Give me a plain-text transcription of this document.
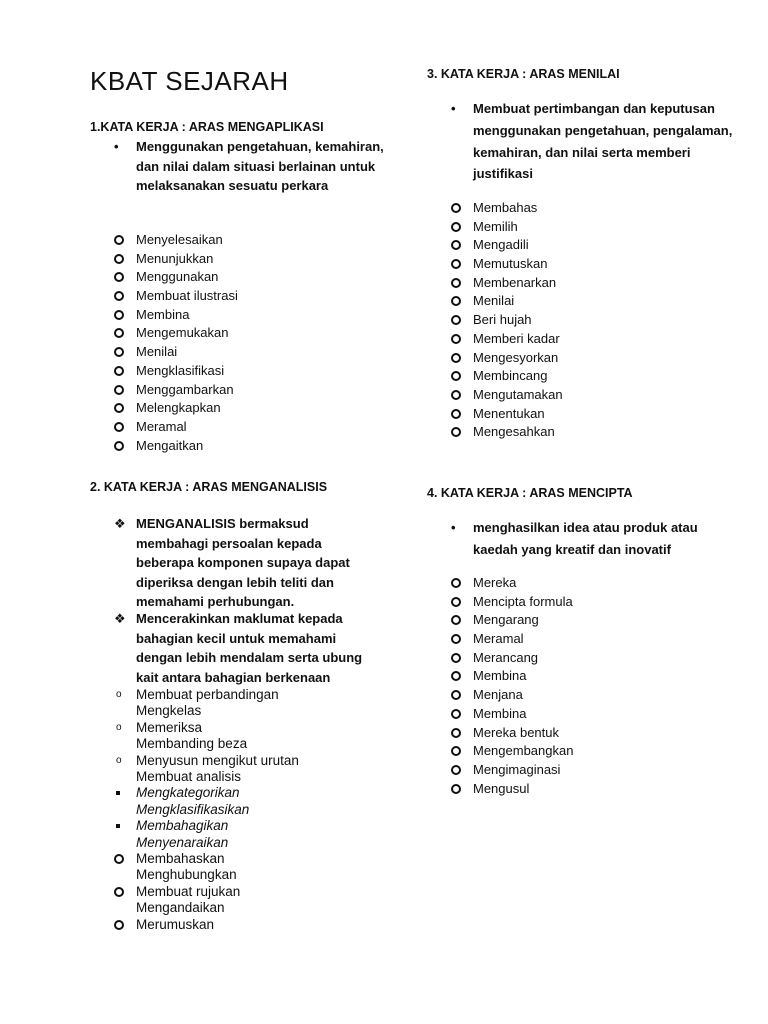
KBAT SEJARAH
1.KATA KERJA : ARAS MENGAPLIKASI
• Menggunakan pengetahuan, kemahiran, dan nilai dalam situasi berlainan untuk melaksanakan sesuatu perkara
Menyelesaikan
Menunjukkan
Menggunakan
Membuat ilustrasi
Membina
Mengemukakan
Menilai
Mengklasifikasi
Menggambarkan
Melengkapkan
Meramal
Mengaitkan
2. KATA KERJA : ARAS MENGANALISIS
❖ MENGANALISIS bermaksud membahagi persoalan kepada beberapa komponen supaya dapat diperiksa dengan lebih teliti dan memahami perhubungan.
❖ Mencerakinkan maklumat kepada bahagian kecil untuk memahami dengan lebih mendalam serta ubung kait antara bahagian berkenaan
o Membuat perbandingan
Mengkelas
o Memeriksa
Membanding beza
o Menyusun mengikut urutan
Membuat analisis
Mengkategorikan
Mengklasifikasikan
Membahagikan
Menyenaraikan
Membahaskan
Menghubungkan
Membuat rujukan
Mengandaikan
Merumuskan
3. KATA KERJA : ARAS MENILAI
• Membuat pertimbangan dan keputusan menggunakan pengetahuan, pengalaman, kemahiran, dan nilai serta memberi justifikasi
Membahas
Memilih
Mengadili
Memutuskan
Membenarkan
Menilai
Beri hujah
Memberi kadar
Mengesyorkan
Membincang
Mengutamakan
Menentukan
Mengesahkan
4. KATA KERJA : ARAS MENCIPTA
• menghasilkan idea atau produk atau kaedah yang kreatif dan inovatif
Mereka
Mencipta formula
Mengarang
Meramal
Merancang
Membina
Menjana
Membina
Mereka bentuk
Mengembangkan
Mengimaginasi
Mengusul
